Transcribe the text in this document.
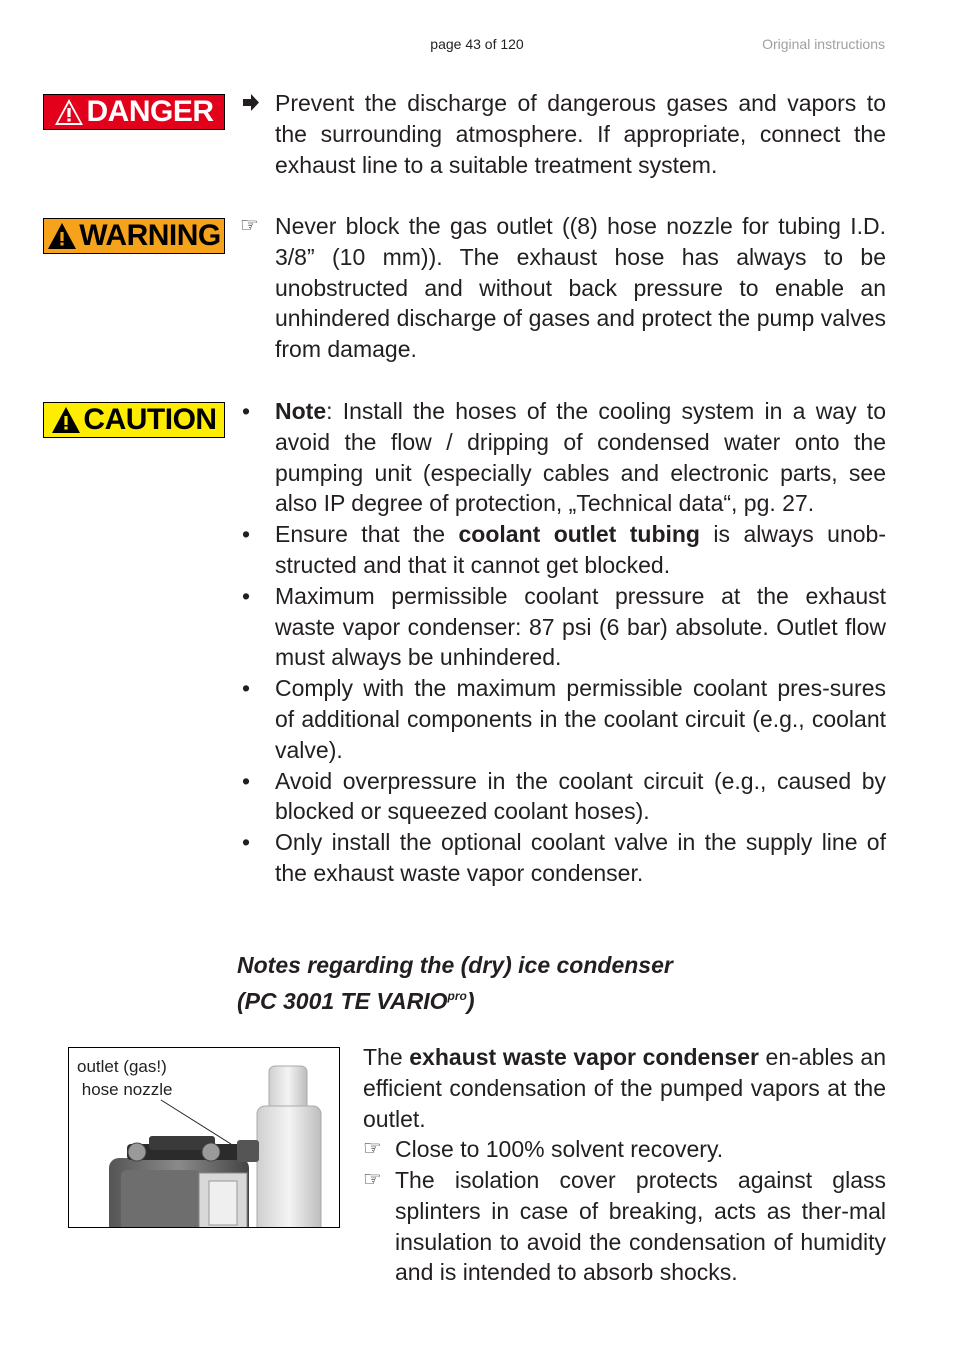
page 43 of 120	Original instructions
DANGER	Prevent the discharge of dangerous gases and vapors to the surrounding atmosphere. If appropriate, connect the exhaust line to a suitable treatment system.

WARNING ☞ Never block the gas outlet ((8) hose nozzle for tubing I.D. 3/8” (10 mm)). The exhaust hose has always to be unobstructed and without back pressure to enable an unhindered discharge of gases and protect the pump valves from damage.

CAUTION • Note: Install the hoses of the cooling system in a way to avoid the flow / dripping of condensed water onto the pumping unit (especially cables and electronic parts, see also IP degree of protection, „Technical data“, pg. 27.
• Ensure that the coolant outlet tubing is always unob-structed and that it cannot get blocked.
• Maximum permissible coolant pressure at the exhaust waste vapor condenser: 87 psi (6 bar) absolute. Outlet flow must always be unhindered.
• Comply with the maximum permissible coolant pres-sures of additional components in the coolant circuit (e.g., coolant valve).
• Avoid overpressure in the coolant circuit (e.g., caused by blocked or squeezed coolant hoses).
• Only install the optional coolant valve in the supply line of the exhaust waste vapor condenser.
Notes regarding the (dry) ice condenser
(PC 3001 TE $VARIO^{pro}$)
outlet (gas!)
hose nozzle

The exhaust waste vapor condenser en-ables an efficient condensation of the pumped vapors at the outlet.

☞ Close to 100% solvent recovery.
☞ The isolation cover protects against glass splinters in case of breaking, acts as ther-mal insulation to avoid the condensation of humidity and is intended to absorb shocks.
